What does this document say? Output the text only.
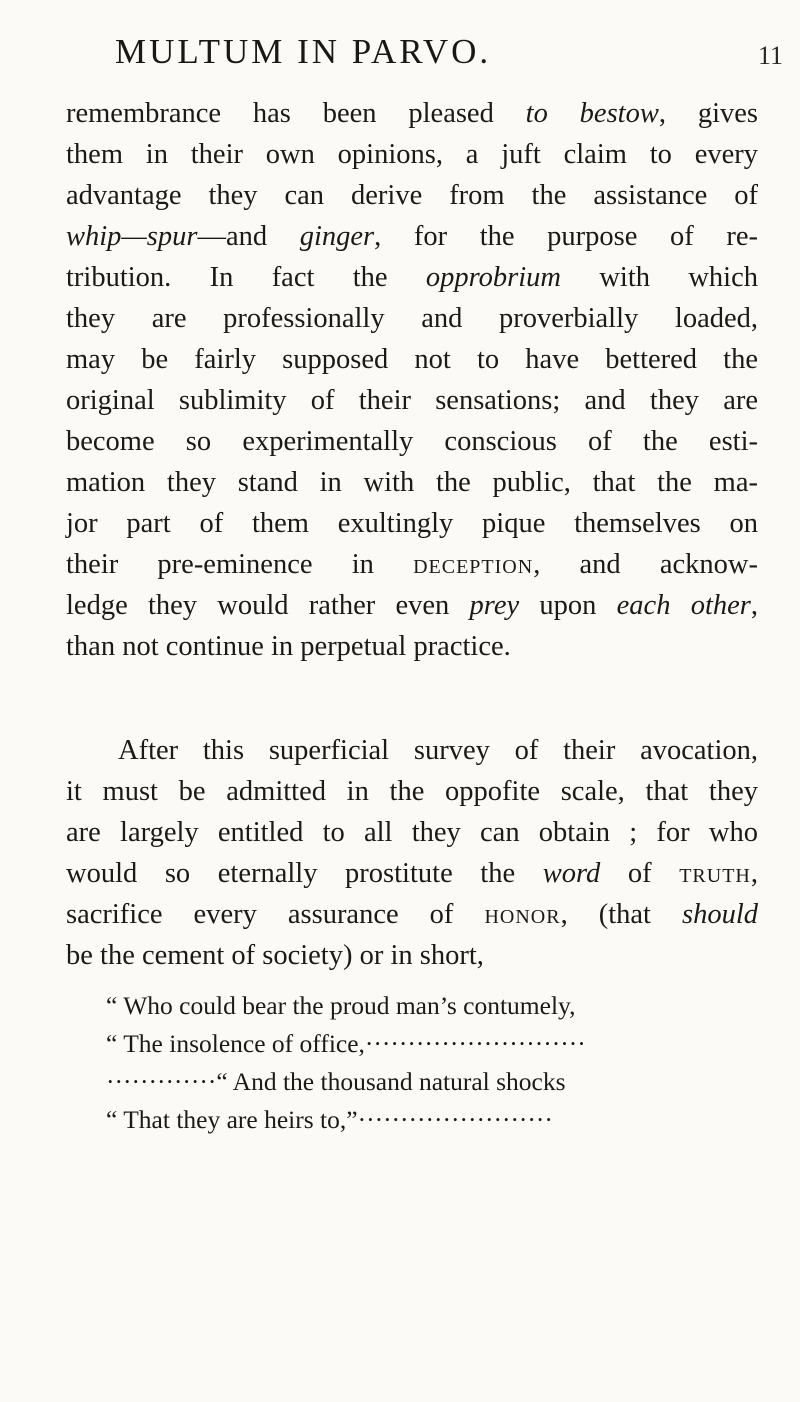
MULTUM IN PARVO.	11
remembrance has been pleased to bestow, gives
them in their own opinions, a juft claim to every
advantage they can derive from the assistance of
whip—spur—and ginger, for the purpose of re-
tribution. In fact the opprobrium with which
they are professionally and proverbially loaded,
may be fairly supposed not to have bettered the
original sublimity of their sensations; and they are
become so experimentally conscious of the esti-
mation they stand in with the public, that the ma-
jor part of them exultingly pique themselves on
their pre-eminence in deception, and acknow-
ledge they would rather even prey upon each other,
than not continue in perpetual practice.
After this superficial survey of their avocation,
it must be admitted in the oppofite scale, that they
are largely entitled to all they can obtain ; for who
would so eternally prostitute the word of truth,
sacrifice every assurance of honor, (that should
be the cement of society) or in short,
“ Who could bear the proud man’s contumely,
“ The insolence of office,··························
·············“ And the thousand natural shocks
“ That they are heirs to,”·······················
